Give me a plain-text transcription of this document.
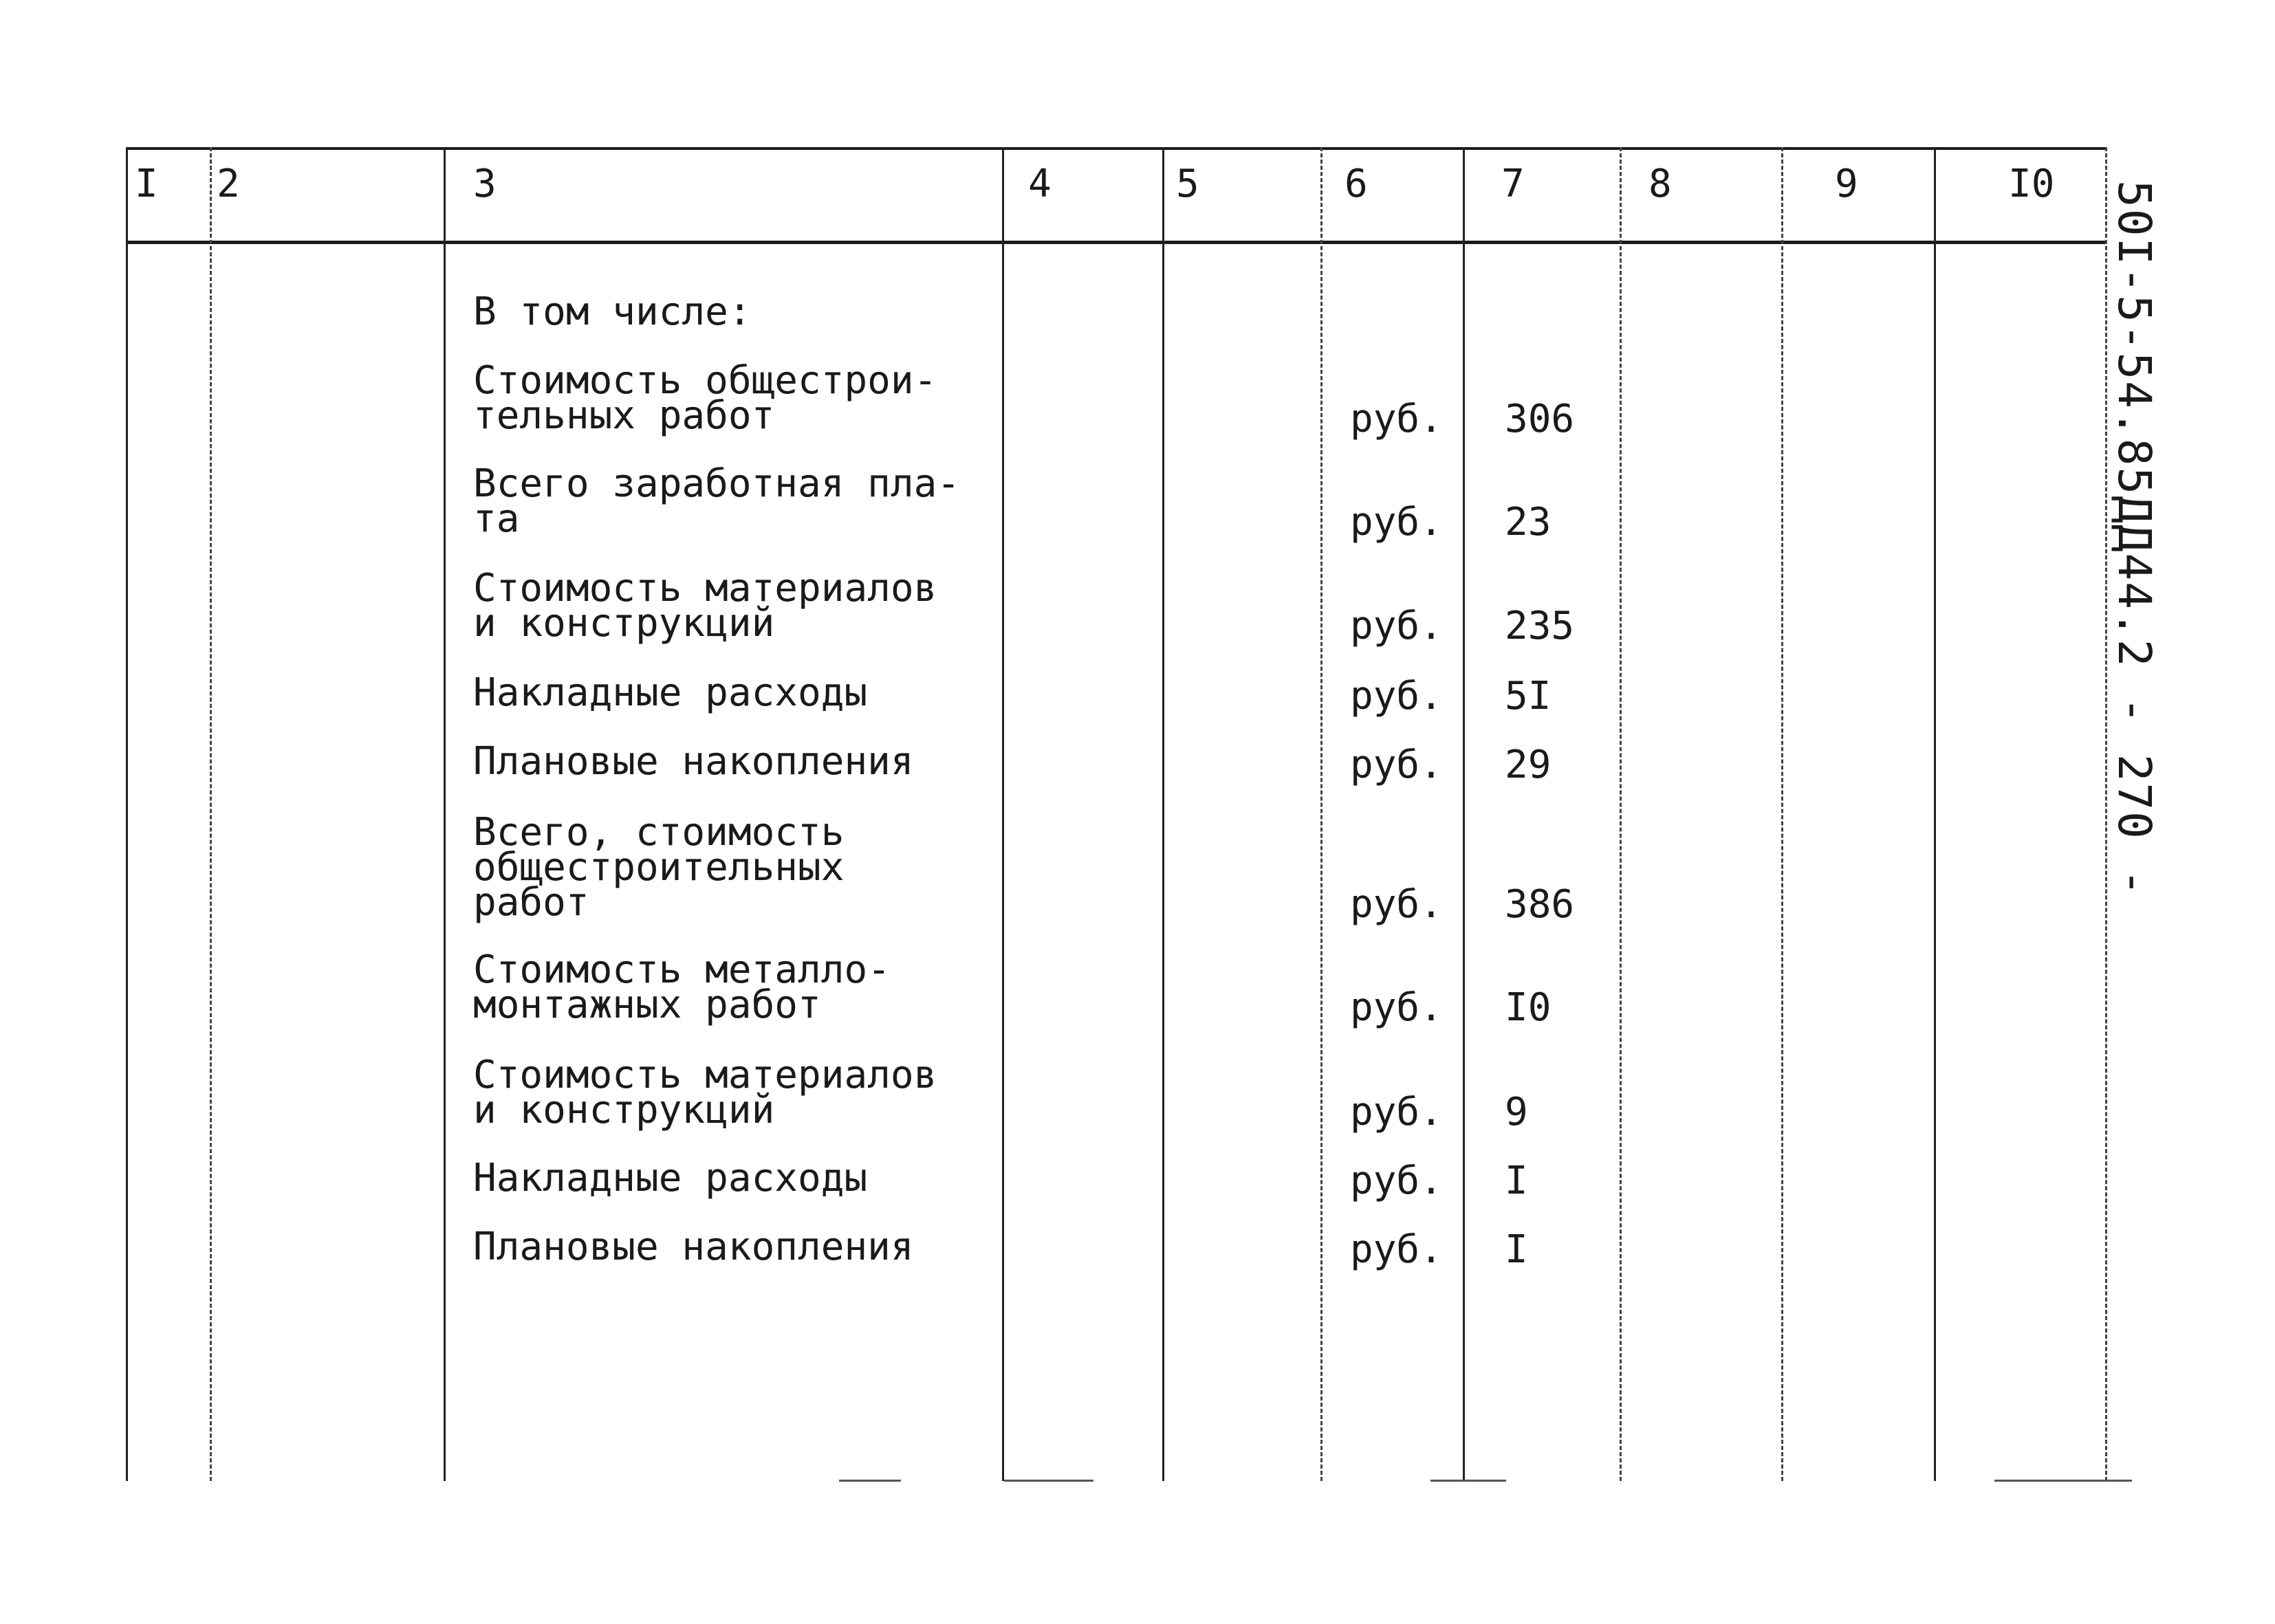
I 2	3	4	5	6	7	8	9	I0
В том числе:
Стоимость общестрои-
тельных работ	руб. 306
Всего заработная пла-
та	руб. 23
Стоимость материалов
и конструкций	руб. 235
Накладные расходы	руб. 5I
Плановые накопления	руб. 29
Всего, стоимость
общестроительных
работ	руб. 386
Стоимость металло-
монтажных работ	руб. I0
Стоимость материалов
и конструкций	руб. 9
Накладные расходы	руб. I
Плановые накопления	руб. I
50I-5-54.85ДД44.2 - 270 -
